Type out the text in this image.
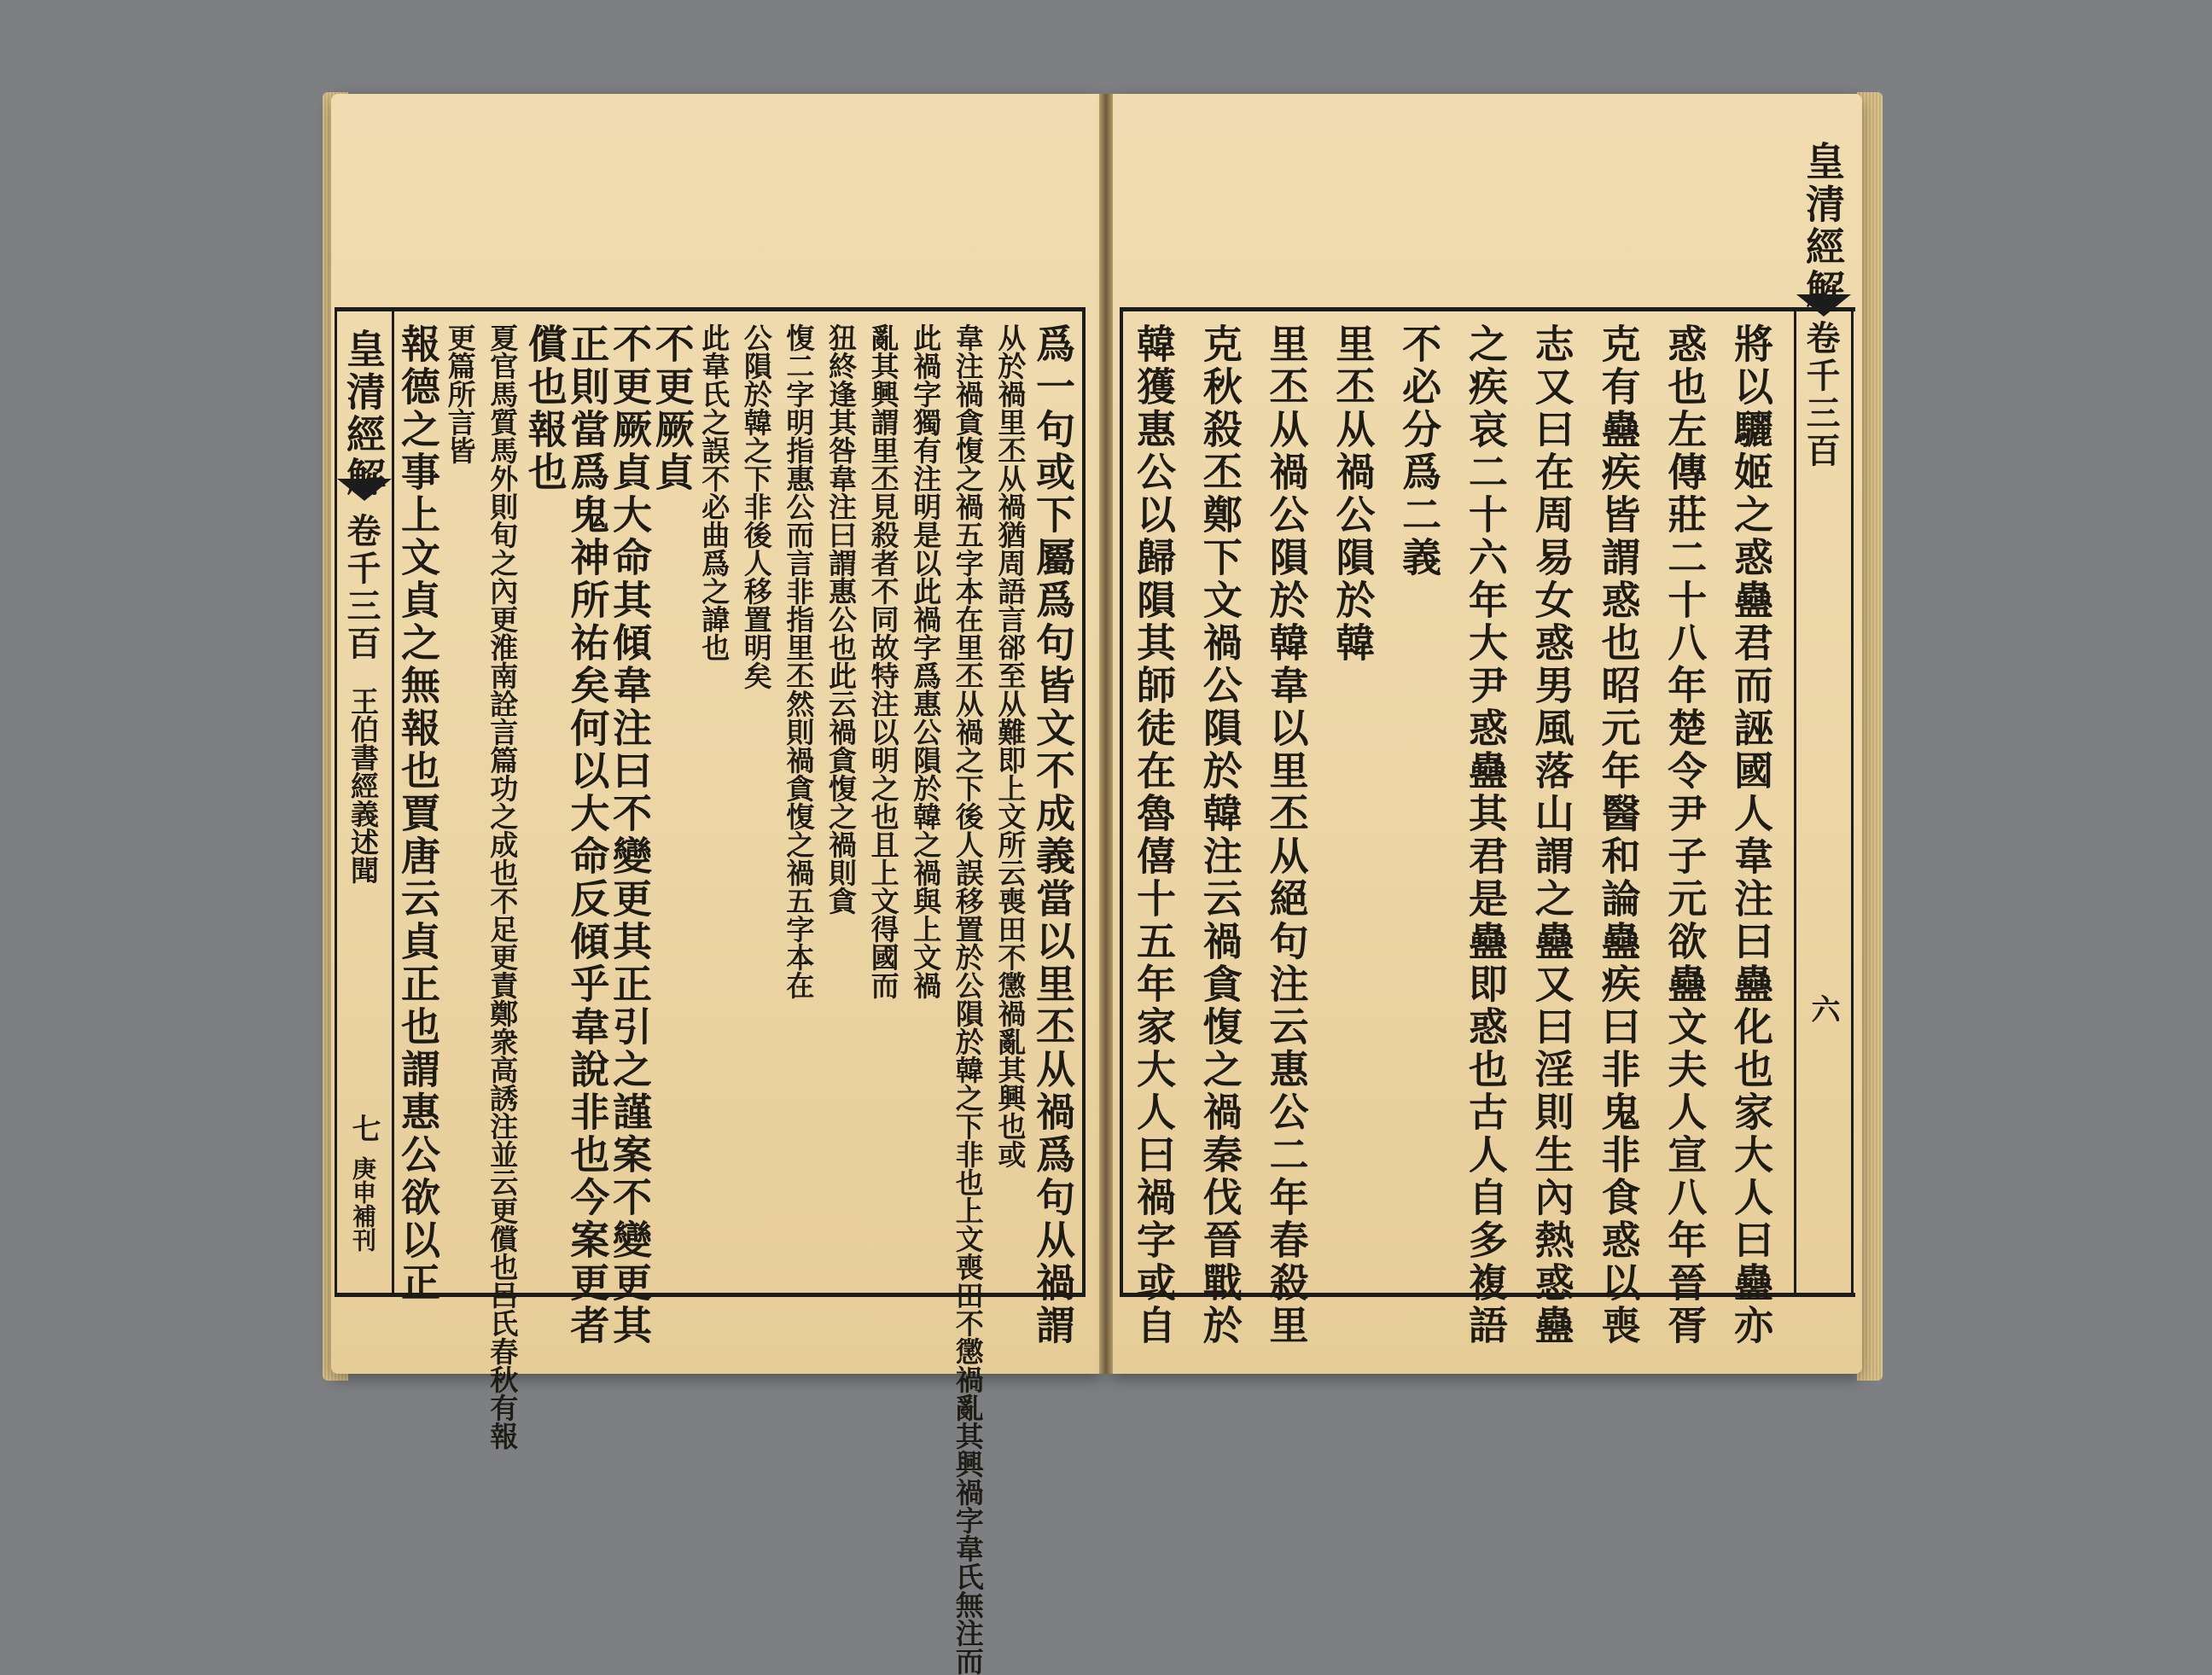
皇清經解
卷千三百
王伯書經義述聞
七
庚申補刊	爲一句或下屬爲句皆文不成義當以里丕从禍爲句从禍謂
从於禍里丕从禍猶周語言郤至从難即上文所云喪田不懲禍亂其興也或
韋注禍貪愎之禍五字本在里丕从禍之下後人誤移置於公隕於韓之下非也上文喪田不懲禍亂其興禍字韋氏無注而
此禍字獨有注明是以此禍字爲惠公隕於韓之禍與上文禍
亂其興謂里丕見殺者不同故特注以明之也且上文得國而
狃終逢其咎韋注曰謂惠公也此云禍貪愎之禍則貪
愎二字明指惠公而言非指里丕然則禍貪愎之禍五字本在
公隕於韓之下非後人移置明矣
此韋氏之誤不必曲爲之諱也
不更厥貞
不更厥貞大命其傾韋注曰不變更其正引之謹案不變更其
正則當爲鬼神所祐矣何以大命反傾乎韋說非也今案更者
償也報也
夏官馬質馬外則旬之內更淮南詮言篇功之成也不足更責鄭衆高誘注並云更償也呂氏春秋有報
更篇所言皆
報德之事上文貞之無報也賈唐云貞正也謂惠公欲以正	將以驪姬之惑蠱君而誣國人韋注曰蠱化也家大人曰蠱亦
惑也左傳莊二十八年楚令尹子元欲蠱文夫人宣八年晉胥
克有蠱疾皆謂惑也昭元年醫和論蠱疾曰非鬼非食惑以喪
志又曰在周易女惑男風落山謂之蠱又曰淫則生內熱惑蠱
之疾哀二十六年大尹惑蠱其君是蠱即惑也古人自多複語
不必分爲二義
里丕从禍公隕於韓
里丕从禍公隕於韓韋以里丕从絕句注云惠公二年春殺里
克秋殺丕鄭下文禍公隕於韓注云禍貪愎之禍秦伐晉戰於
韓獲惠公以歸隕其師徒在魯僖十五年家大人曰禍字或自
皇清經解
卷千三百
六
